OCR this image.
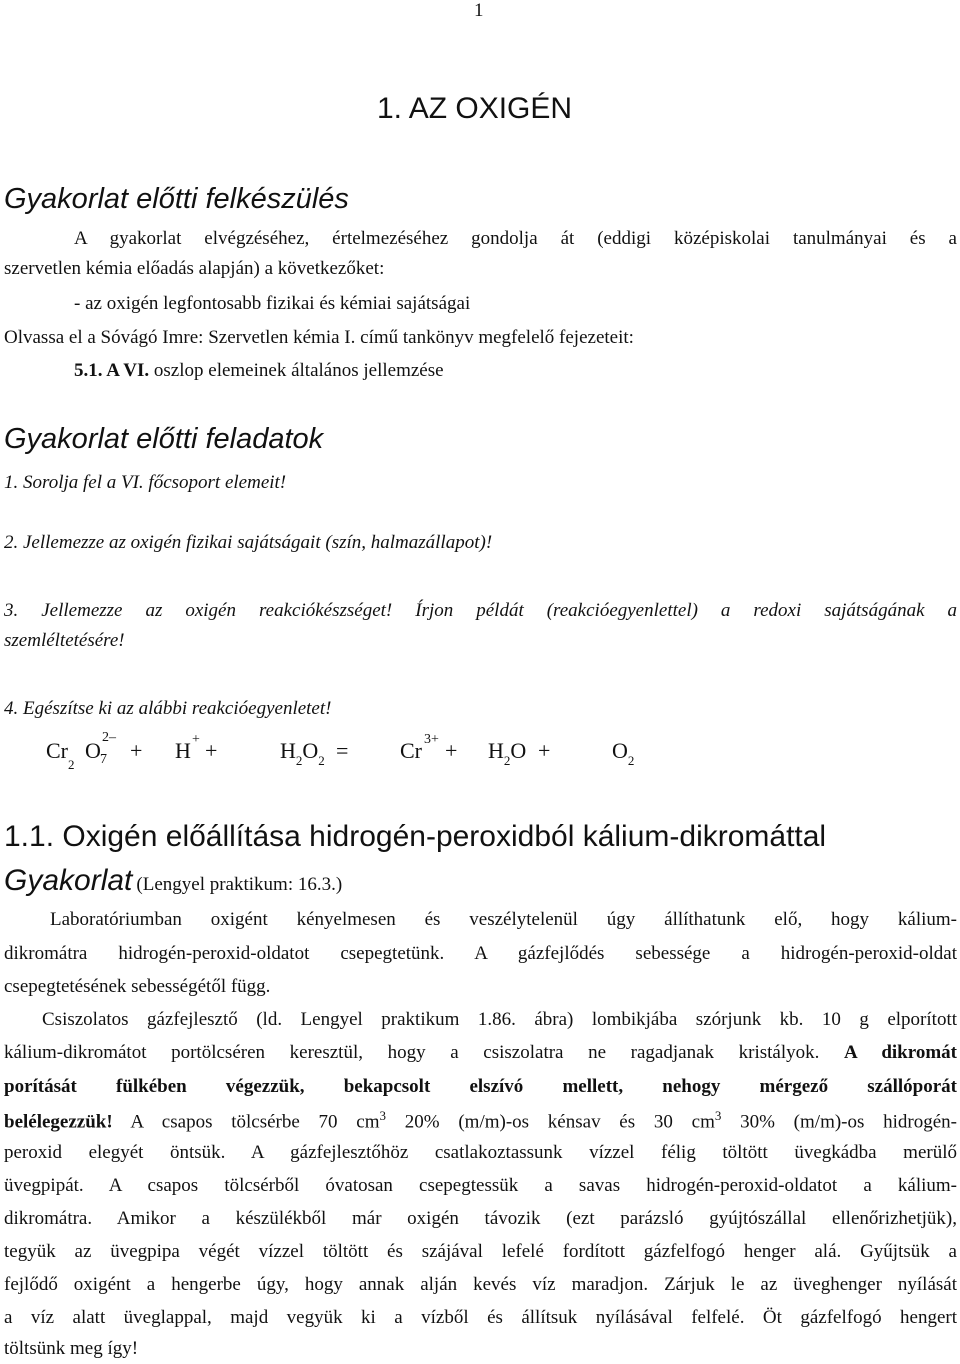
1
1. AZ OXIGÉN
Gyakorlat előtti felkészülés
A gyakorlat elvégzéséhez, értelmezéséhez gondolja át (eddigi középiskolai tanulmányai és a
szervetlen kémia előadás alapján) a következőket:
- az oxigén legfontosabb fizikai és kémiai sajátságai
Olvassa el a Sóvágó Imre: Szervetlen kémia I. című tankönyv megfelelő fejezeteit:
5.1. A VI. oszlop elemeinek általános jellemzése
Gyakorlat előtti feladatok
1. Sorolja fel a VI. főcsoport elemeit!
2. Jellemezze az oxigén fizikai sajátságait (szín, halmazállapot)!
3. Jellemezze az oxigén reakciókészséget! Írjon példát (reakcióegyenlettel) a redoxi sajátságának a
szemléltetésére!
4. Egészítse ki az alábbi reakcióegyenletet!
$Cr_2$
O
2–
7 + H + +	$H_2O_2 = Cr$ $3+ + H_2O$ +	$O_2$
1.1. Oxigén előállítása hidrogén-peroxidból kálium-dikromáttal
Gyakorlat (Lengyel praktikum: 16.3.)
Laboratóriumban oxigént kényelmesen és veszélytelenül úgy állíthatunk elő, hogy kálium-
dikromátra hidrogén-peroxid-oldatot csepegtetünk. A gázfejlődés sebessége a hidrogén-peroxid-oldat
csepegtetésének sebességétől függ.
Csiszolatos gázfejlesztő (ld. Lengyel praktikum 1.86. ábra) lombikjába szórjunk kb. 10 g elporított
kálium-dikromátot portölcséren keresztül, hogy a csiszolatra ne ragadjanak kristályok. A dikromát
porítását fülkében végezzük, bekapcsolt elszívó mellett, nehogy mérgező szállóporát
belélegezzük! A csapos tölcsérbe 70 $cm^3$ 20% (m/m)-os kénsav és 30 $cm^3$ 30% (m/m)-os hidrogén-
peroxid elegyét öntsük. A gázfejlesztőhöz csatlakoztassunk vízzel félig töltött üvegkádba merülő
üvegpipát. A csapos tölcsérből óvatosan csepegtessük a savas hidrogén-peroxid-oldatot a kálium-
dikromátra. Amikor a készülékből már oxigén távozik (ezt parázsló gyújtószállal ellenőrizhetjük),
tegyük az üvegpipa végét vízzel töltött és szájával lefelé fordított gázfelfogó henger alá. Gyűjtsük a
fejlődő oxigént a hengerbe úgy, hogy annak alján kevés víz maradjon. Zárjuk le az üveghenger nyílását
a víz alatt üveglappal, majd vegyük ki a vízből és állítsuk nyílásával felfelé. Öt gázfelfogó hengert
töltsünk meg így!
